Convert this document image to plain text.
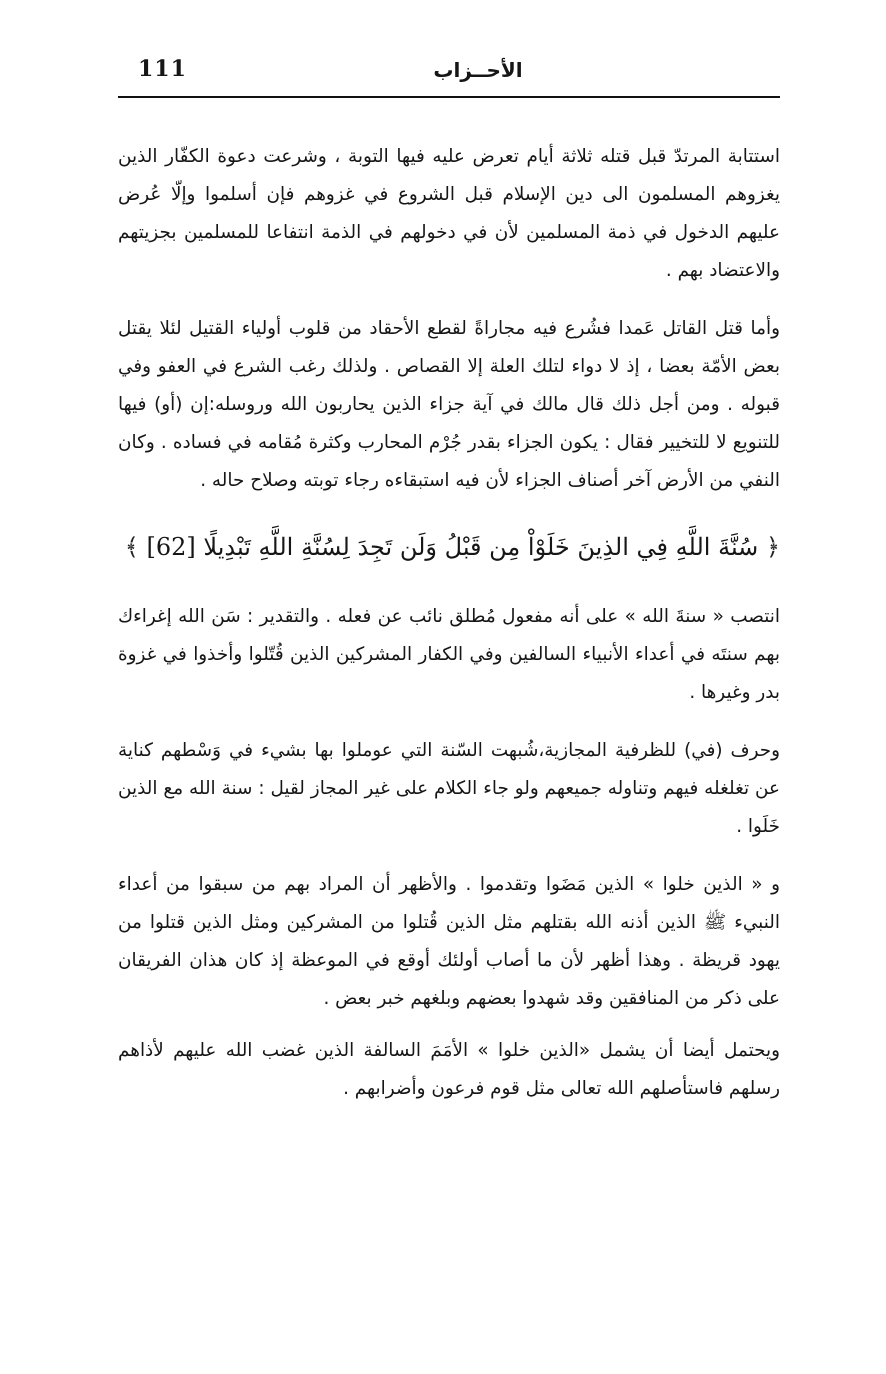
111	الأحــزاب

استتابة المرتدّ قبل قتله ثلاثة أيام تعرض عليه فيها التوبة ، وشرعت دعوة الكفّار الذين يغزوهم المسلمون الى دين الإسلام قبل الشروع في غزوهم فإن أسلموا وإلّا عُرض عليهم الدخول في ذمة المسلمين لأن في دخولهم في الذمة انتفاعا للمسلمين بجزيتهم والاعتضاد بهم .

وأما قتل القاتل عَمدا فشُرع فيه مجاراةً لقطع الأحقاد من قلوب أولياء القتيل لئلا يقتل بعض الأمّة بعضا ، إذ لا دواء لتلك العلة إلا القصاص . ولذلك رغب الشرع في العفو وفي قبوله . ومن أجل ذلك قال مالك في آية جزاء الذين يحاربون الله وروسله:إن (أو) فيها للتنويع لا للتخيير فقال : يكون الجزاء بقدر جُرْم المحارب وكثرة مُقامه في فساده . وكان النفي من الأرض آخر أصناف الجزاء لأن فيه استبقاءه رجاء توبته وصلاح حاله .

﴿ سُنَّةَ اللَّهِ فِي الذِينَ خَلَوْاْ مِن قَبْلُ وَلَن تَجِدَ لِسُنَّةِ اللَّهِ تَبْدِيلًا [62] ﴾

انتصب « سنةَ الله » على أنه مفعول مُطلق نائب عن فعله . والتقدير : سَن الله إغراءك بهم سنتَه في أعداء الأنبياء السالفين وفي الكفار المشركين الذين قُتّلوا وأخذوا في غزوة بدر وغيرها .

وحرف (في) للظرفية المجازية،شُبهت السّنة التي عوملوا بها بشيء في وَسْطهم كناية عن تغلغله فيهم وتناوله جميعهم ولو جاء الكلام على غير المجاز لقيل : سنة الله مع الذين خَلَوا .

و « الذين خلوا » الذين مَضَوا وتقدموا . والأظهر أن المراد بهم من سبقوا من أعداء النبيء ﷺ الذين أذنه الله بقتلهم مثل الذين قُتلوا من المشركين ومثل الذين قتلوا من يهود قريظة . وهذا أظهر لأن ما أصاب أولئك أوقع في الموعظة إذ كان هذان الفريقان على ذكر من المنافقين وقد شهدوا بعضهم وبلغهم خبر بعض .

ويحتمل أيضا أن يشمل «الذين خلوا » الأمَمَ السالفة الذين غضب الله عليهم لأذاهم رسلهم فاستأصلهم الله تعالى مثل قوم فرعون وأضرابهم .
